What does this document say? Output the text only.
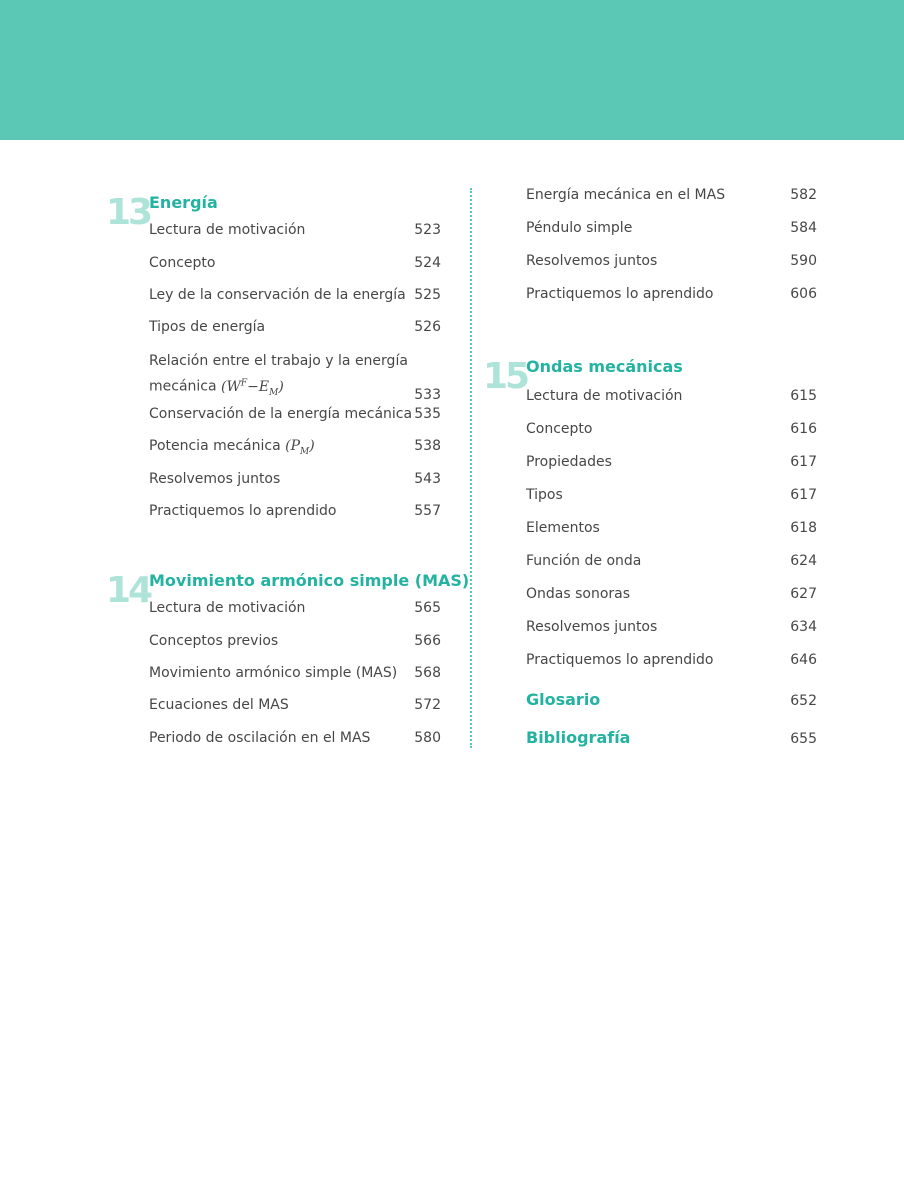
13
Energía
Lectura de motivación	523
Concepto	524
Ley de la conservación de la energía 525
Tipos de energía	526
Relación entre el trabajo y la energía
mecánica $(W^F-E_M)$
533
Conservación de la energía mecánica 535
Potencia mecánica $(P_M)$	538
Resolvemos juntos	543
Practiquemos lo aprendido	557
Movimiento armónico simple (MAS)
Lectura de motivación	565
Conceptos previos	566
Movimiento armónico simple (MAS) 568
Ecuaciones del MAS	572
Periodo de oscilación en el MAS	580
14
Energía mecánica en el MAS	582
Péndulo simple	584
Resolvemos juntos	590
Practiquemos lo aprendido	606
Ondas mecánicas
Lectura de motivación	615
Concepto	616
Propiedades	617
Tipos	617
Elementos	618
Función de onda	624
Ondas sonoras	627
Resolvemos juntos	634
Practiquemos lo aprendido	646
Glosario	652
Bibliografía	655
15
